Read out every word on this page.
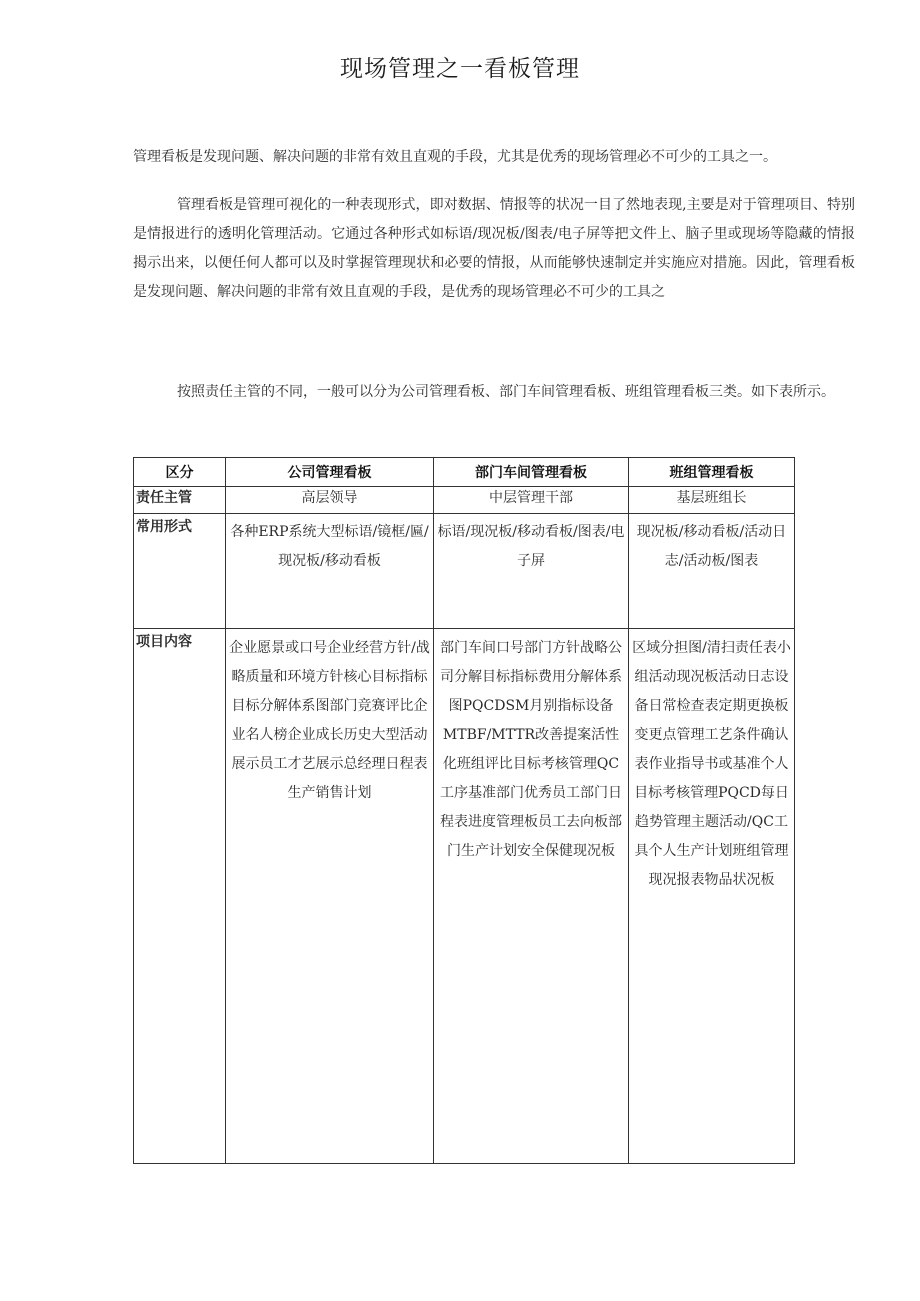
现场管理之一看板管理

管理看板是发现问题、解决问题的非常有效且直观的手段，尤其是优秀的现场管理必不可少的工具之一。

管理看板是管理可视化的一种表现形式，即对数据、情报等的状况一目了然地表现,主要是对于管理项目、特别是情报进行的透明化管理活动。它通过各种形式如标语/现况板/图表/电子屏等把文件上、脑子里或现场等隐藏的情报揭示出来，以便任何人都可以及时掌握管理现状和必要的情报，从而能够快速制定并实施应对措施。因此，管理看板是发现问题、解决问题的非常有效且直观的手段，是优秀的现场管理必不可少的工具之

按照责任主管的不同，一般可以分为公司管理看板、部门车间管理看板、班组管理看板三类。如下表所示。

区分	公司管理看板	部门车间管理看板	班组管理看板
责任主管	高层领导	中层管理干部	基层班组长
常用形式	各种ERP系统大型标语/镜框/匾/现况板/移动看板	标语/现况板/移动看板/图表/电子屏	现况板/移动看板/活动日志/活动板/图表

项目内容	企业愿景或口号企业经营方针/战略质量和环境方针核心目标指标目标分解体系图部门竞赛评比企业名人榜企业成长历史大型活动展示员工才艺展示总经理日程表生产销售计划	部门车间口号部门方针战略公司分解目标指标费用分解体系图PQCDSM月别指标设备MTBF/MTTR改善提案活性化班组评比目标考核管理QC工序基准部门优秀员工部门日程表进度管理板员工去向板部门生产计划安全保健现况板	区域分担图/清扫责任表小组活动现况板活动日志设备日常检查表定期更换板变更点管理工艺条件确认表作业指导书或基准个人目标考核管理PQCD每日趋势管理主题活动/QC工具个人生产计划班组管理现况报表物品状况板
